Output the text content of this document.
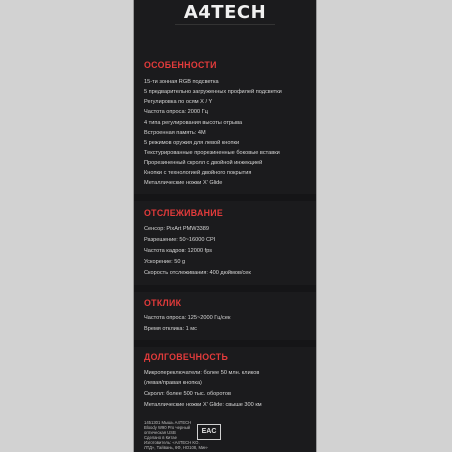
A4TECH
ОСОБЕННОСТИ
15-ти зонная RGB подсветка
5 предварительно загруженных профилей подсветки
Регулировка по осям X / Y
Частота опроса: 2000 Гц
4 типа регулирования высоты отрыва
Встроенная память: 4M
5 режимов оружия для левой кнопки
Текстурированные прорезиненные боковые вставки
Прорезиненный скролл с двойной инжекцией
Кнопки с технологией двойного покрытия
Металлические ножки X' Glide
ОТСЛЕЖИВАНИЕ
Сенсор: PixArt PMW3389
Разрешение: 50~16000 CPI
Частота кадров: 12000 fps
Ускорение: 50 g
Скорость отслеживания: 400 дюймов/сек
ОТКЛИК
Частота опроса: 125~2000 Гц/сек
Время отклика: 1 мс
ДОЛГОВЕЧНОСТЬ
Микропереключатели: более 50 млн. кликов
(левая/правая кнопка)
Скролл: более 500 тыс. оборотов
Металлические ножки X' Glide: свыше 300 км
1451301 Мышь A4TECH
Bloody W90 Pro черный
оптическая USB
Сделано в Китае
Изготовитель: «A4TECH KO.
ЛТД», Тайвань, 6Ф, НО108, Мин-
EAC
